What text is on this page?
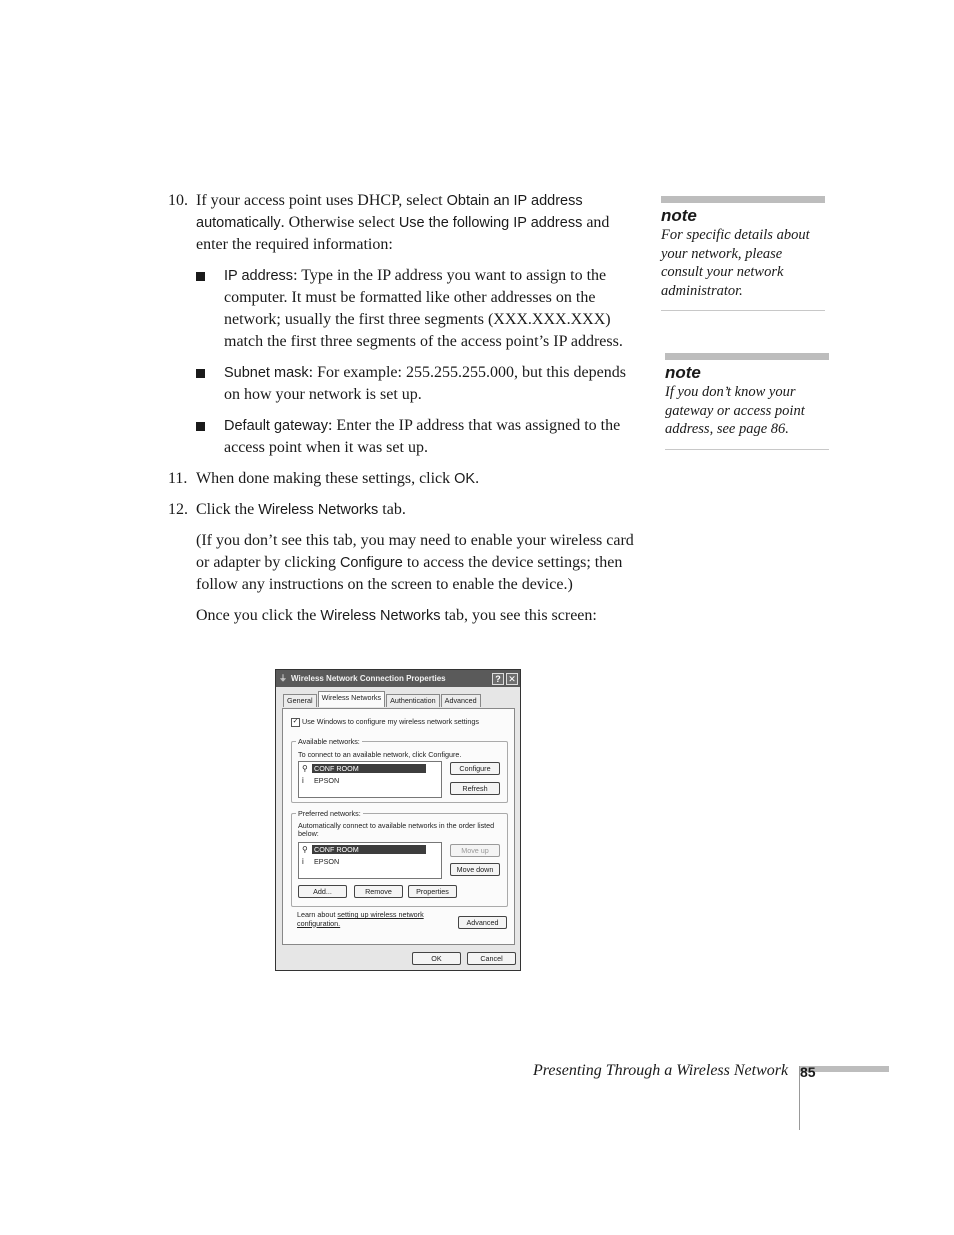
10. If your access point uses DHCP, select Obtain an IP address automatically. Otherwise select Use the following IP address and enter the required information:
IP address: Type in the IP address you want to assign to the computer. It must be formatted like other addresses on the network; usually the first three segments (XXX.XXX.XXX) match the first three segments of the access point’s IP address.
Subnet mask: For example: 255.255.255.000, but this depends on how your network is set up.
Default gateway: Enter the IP address that was assigned to the access point when it was set up.
11. When done making these settings, click OK.
12. Click the Wireless Networks tab.

(If you don’t see this tab, you may need to enable your wireless card or adapter by clicking Configure to access the device settings; then follow any instructions on the screen to enable the device.)

Once you click the Wireless Networks tab, you see this screen:

note
For specific details about your network, please consult your network administrator.
note
If you don’t know your gateway or access point address, see page 86.
⏚ Wireless Network Connection Properties	? ✕
General	Wireless Networks	Authentication	Advanced
✓ Use Windows to configure my wireless network settings
Available networks:
To connect to an available network, click Configure.
⚲ CONF ROOM
i	EPSON
Configure
Refresh
Preferred networks:
Automatically connect to available networks in the order listed below:
⚲ CONF ROOM
i	EPSON
Move up
Move down
Add...	Remove	Properties
Learn about setting up wireless network configuration.	Advanced
OK	Cancel
Presenting Through a Wireless Network 85
